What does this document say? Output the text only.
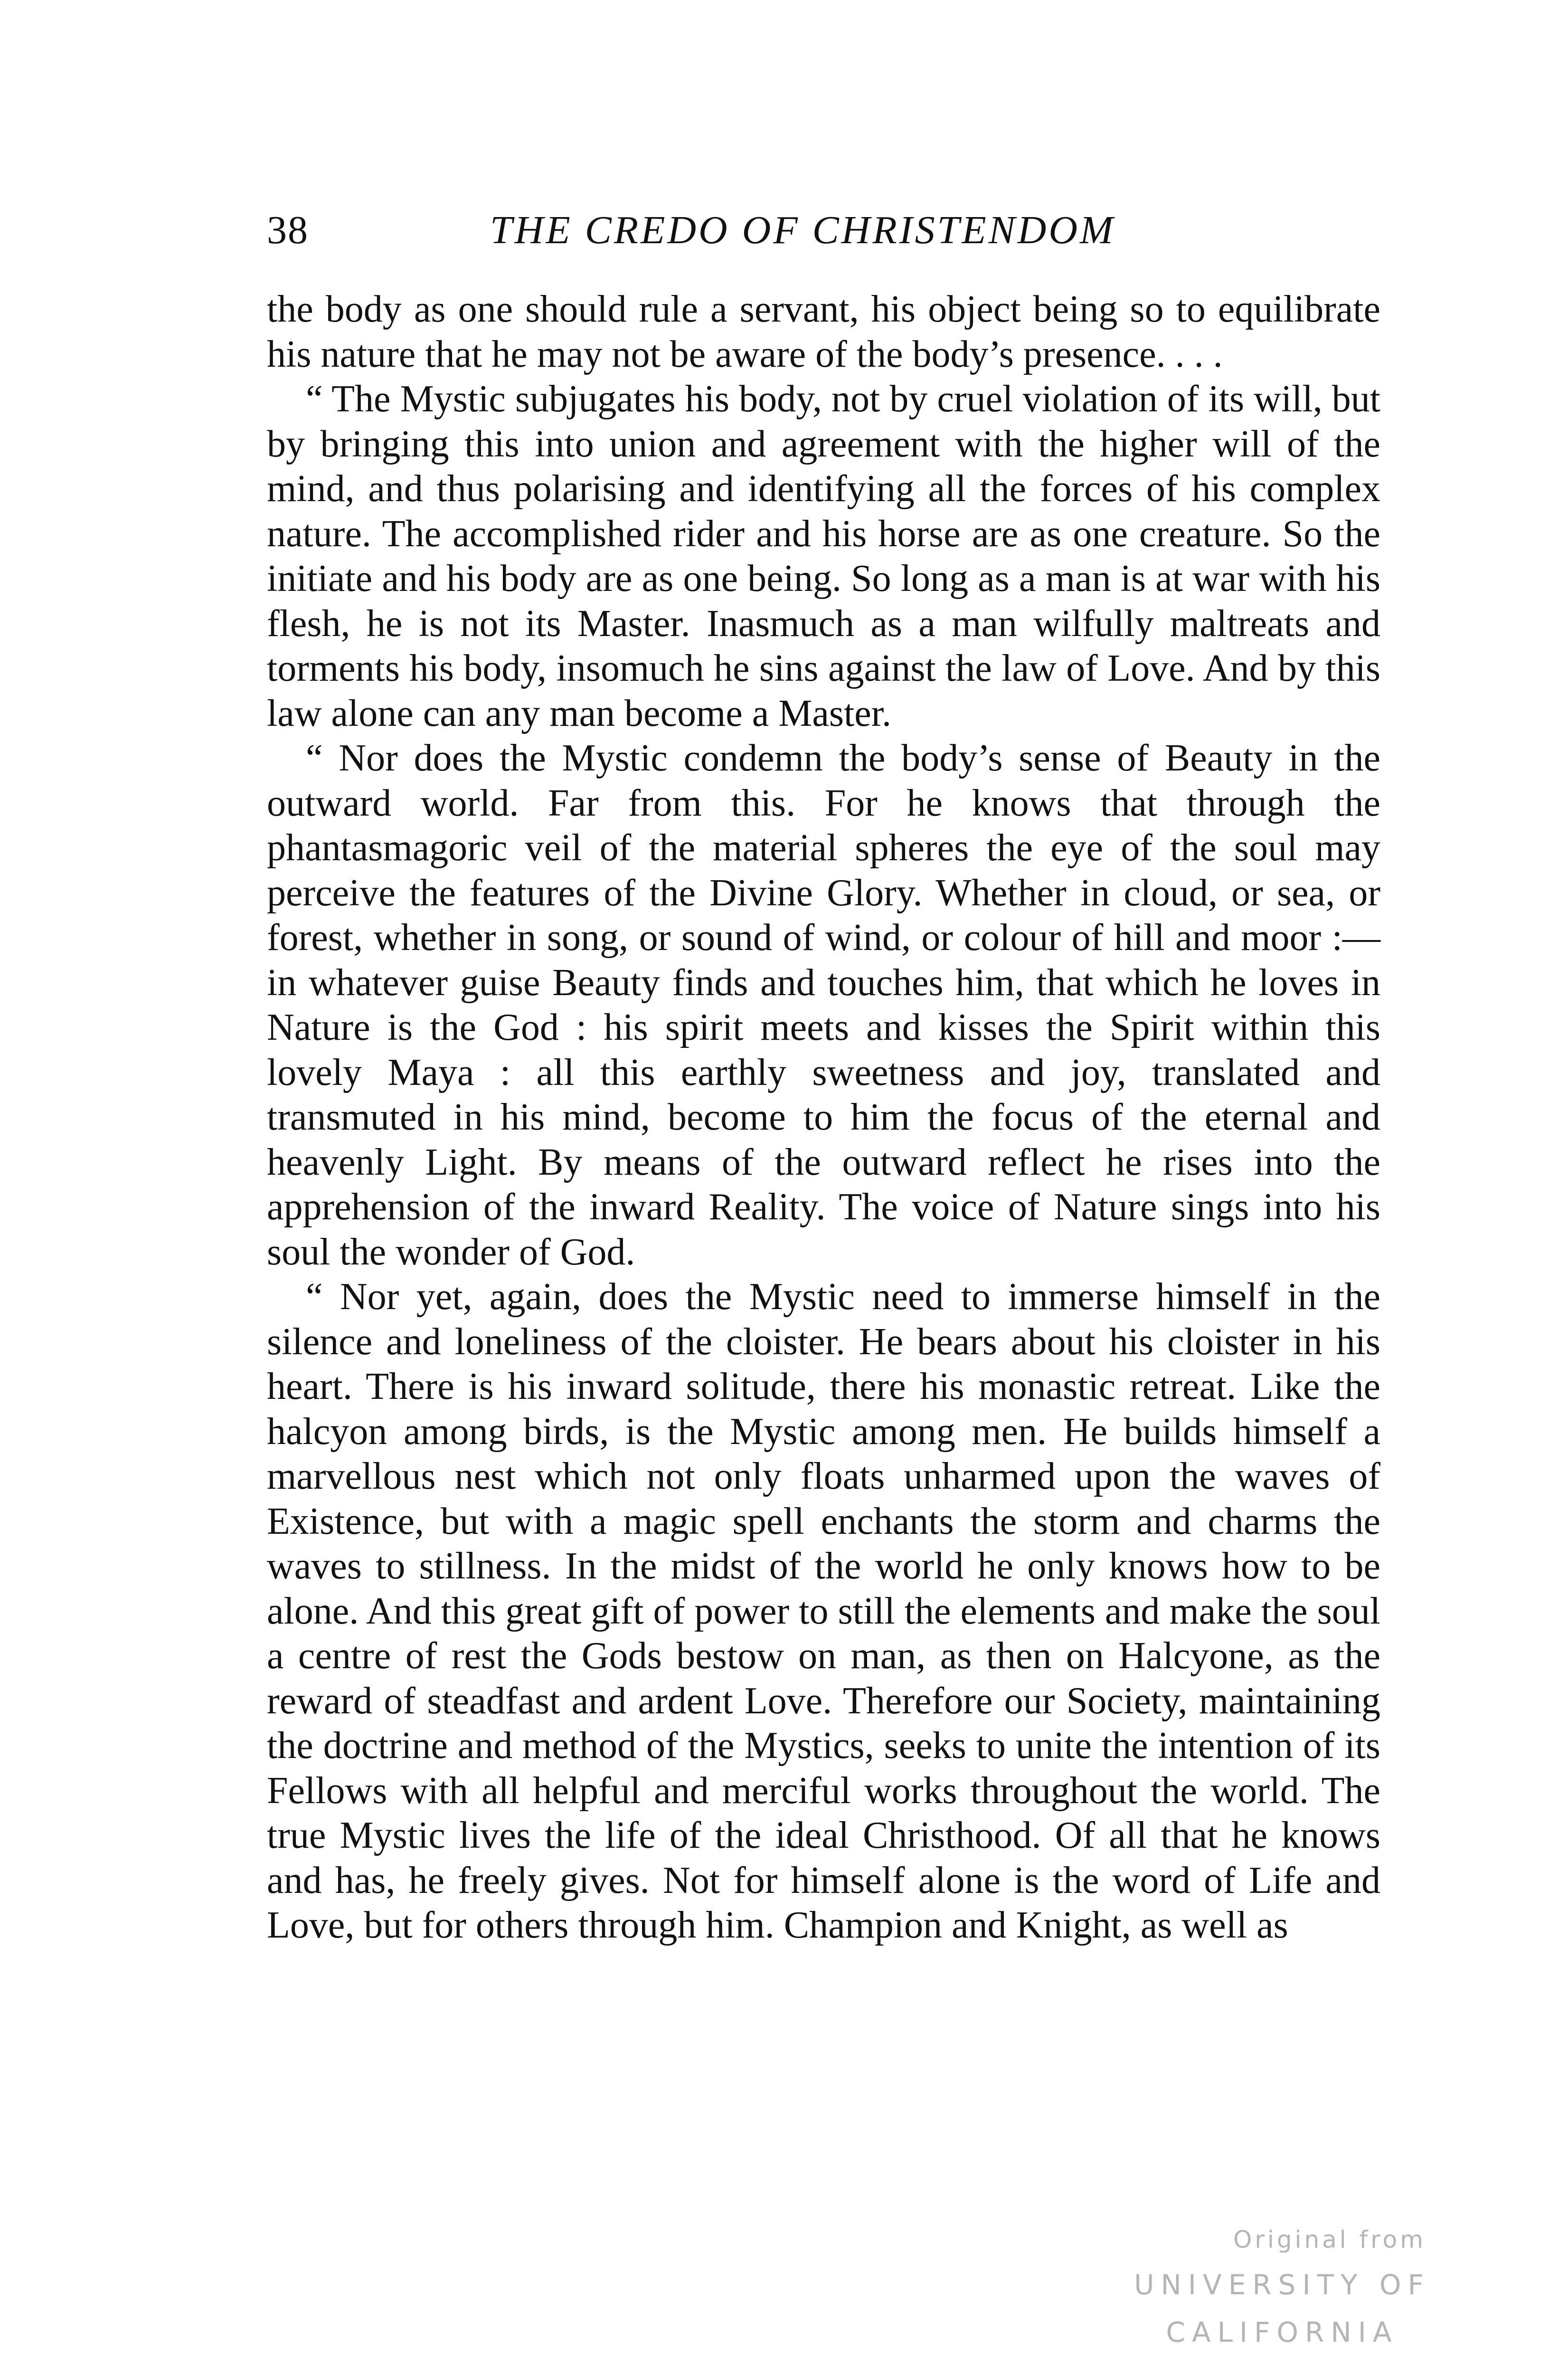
38	THE CREDO OF CHRISTENDOM

the body as one should rule a servant, his object being so to equilibrate his nature that he may not be aware of the body’s presence. . . .

“ The Mystic subjugates his body, not by cruel violation of its will, but by bringing this into union and agreement with the higher will of the mind, and thus polarising and identifying all the forces of his complex nature. The accomplished rider and his horse are as one creature. So the initiate and his body are as one being. So long as a man is at war with his flesh, he is not its Master. Inasmuch as a man wilfully maltreats and torments his body, insomuch he sins against the law of Love. And by this law alone can any man become a Master.

“ Nor does the Mystic condemn the body’s sense of Beauty in the outward world. Far from this. For he knows that through the phantasmagoric veil of the material spheres the eye of the soul may perceive the features of the Divine Glory. Whether in cloud, or sea, or forest, whether in song, or sound of wind, or colour of hill and moor :—in whatever guise Beauty finds and touches him, that which he loves in Nature is the God : his spirit meets and kisses the Spirit within this lovely Maya : all this earthly sweetness and joy, translated and transmuted in his mind, become to him the focus of the eternal and heavenly Light. By means of the outward reflect he rises into the apprehension of the inward Reality. The voice of Nature sings into his soul the wonder of God.

“ Nor yet, again, does the Mystic need to immerse himself in the silence and loneliness of the cloister. He bears about his cloister in his heart. There is his inward solitude, there his monastic retreat. Like the halcyon among birds, is the Mystic among men. He builds himself a marvellous nest which not only floats unharmed upon the waves of Existence, but with a magic spell enchants the storm and charms the waves to stillness. In the midst of the world he only knows how to be alone. And this great gift of power to still the elements and make the soul a centre of rest the Gods bestow on man, as then on Halcyone, as the reward of steadfast and ardent Love. Therefore our Society, maintaining the doctrine and method of the Mystics, seeks to unite the intention of its Fellows with all helpful and merciful works throughout the world. The true Mystic lives the life of the ideal Christhood. Of all that he knows and has, he freely gives. Not for himself alone is the word of Life and Love, but for others through him. Champion and Knight, as well as

Original from
UNIVERSITY OF CALIFORNIA
